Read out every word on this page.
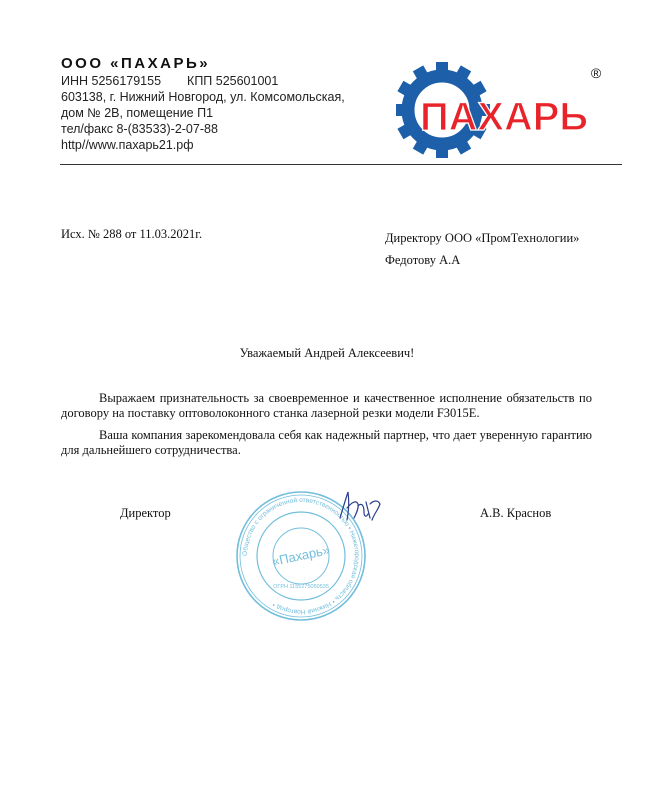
ООО «ПАХАРЬ»
ИНН 5256179155 КПП 525601001
603138, г. Нижний Новгород, ул. Комсомольская,
дом № 2В, помещение П1
тел/факс 8-(83533)-2-07-88
http//www.пахарь21.рф
ПАХАРЬ
®
Исх. № 288 от 11.03.2021г.	Директору ООО «ПромТехнологии»
Федотову А.А
Уважаемый Андрей Алексеевич!

Выражаем признательность за своевременное и качественное исполнение обязательств по договору на поставку оптоволоконного станка лазерной резки модели F3015E.

Ваша компания зарекомендовала себя как надежный партнер, что дает уверенную гарантию для дальнейшего сотрудничества.

Общество с ограниченной ответственностью • Нижегородская область • Нижний Новгород •
ОГРН 1155275050535
«Пахарь»
Директор	А.В. Краснов
